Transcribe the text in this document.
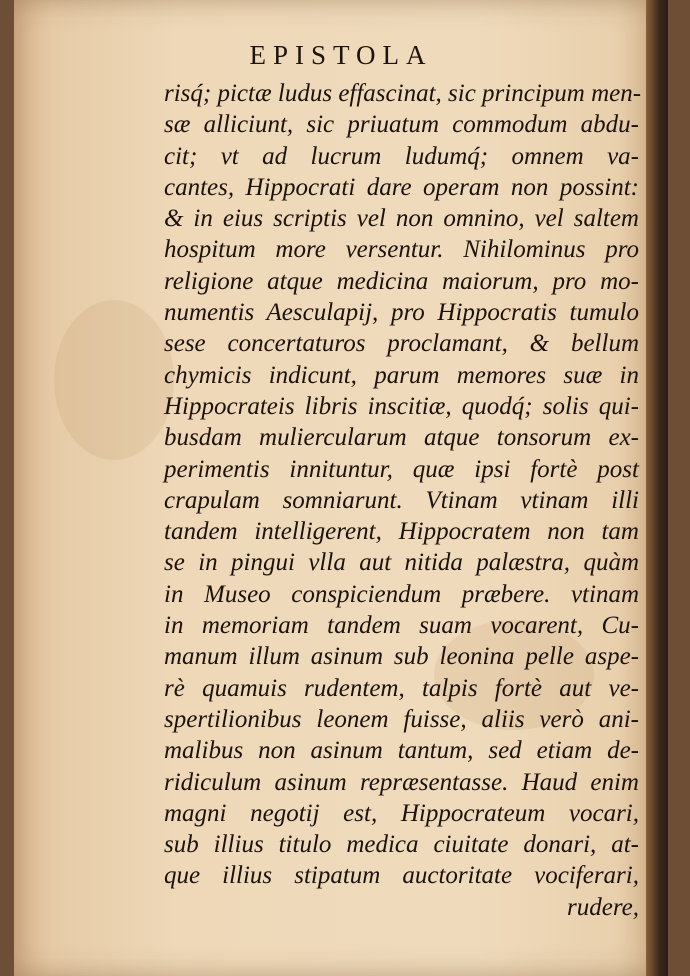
EPISTOLA
risq́; pictæ ludus effascinat, sic principum men-
sæ alliciunt, sic priuatum commodum abdu-
cit; vt ad lucrum ludumq́; omnem va-
cantes, Hippocrati dare operam non possint:
& in eius scriptis vel non omnino, vel saltem
hospitum more versentur. Nihilominus pro
religione atque medicina maiorum, pro mo-
numentis Aesculapij, pro Hippocratis tumulo
sese concertaturos proclamant, & bellum
chymicis indicunt, parum memores suæ in
Hippocrateis libris inscitiæ, quodq́; solis qui-
busdam muliercularum atque tonsorum ex-
perimentis innituntur, quæ ipsi fortè post
crapulam somniarunt. Vtinam vtinam illi
tandem intelligerent, Hippocratem non tam
se in pingui vlla aut nitida palæstra, quàm
in Museo conspiciendum præbere. vtinam
in memoriam tandem suam vocarent, Cu-
manum illum asinum sub leonina pelle aspe-
rè quamuis rudentem, talpis fortè aut ve-
spertilionibus leonem fuisse, aliis verò ani-
malibus non asinum tantum, sed etiam de-
ridiculum asinum repræsentasse. Haud enim
magni negotij est, Hippocrateum vocari,
sub illius titulo medica ciuitate donari, at-
que illius stipatum auctoritate vociferari,
rudere,
